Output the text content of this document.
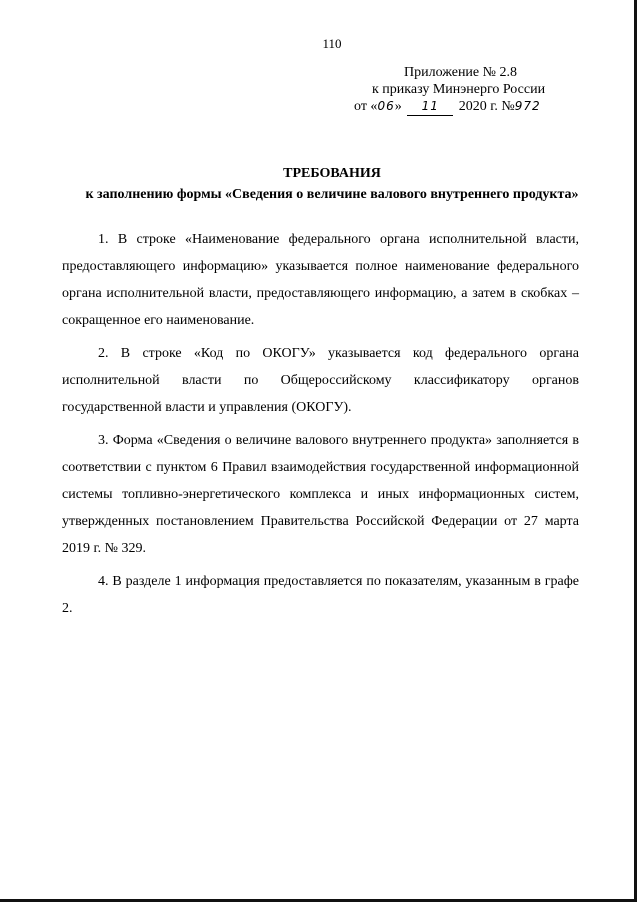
110
Приложение № 2.8
к приказу Минэнерго России
от «06» 11 2020 г. №972
ТРЕБОВАНИЯ
к заполнению формы «Сведения о величине валового внутреннего продукта»

1. В строке «Наименование федерального органа исполнительной власти, предоставляющего информацию» указывается полное наименование федерального органа исполнительной власти, предоставляющего информацию, а затем в скобках – сокращенное его наименование.

2. В строке «Код по ОКОГУ» указывается код федерального органа исполнительной власти по Общероссийскому классификатору органов государственной власти и управления (ОКОГУ).

3. Форма «Сведения о величине валового внутреннего продукта» заполняется в соответствии с пунктом 6 Правил взаимодействия государственной информационной системы топливно-энергетического комплекса и иных информационных систем, утвержденных постановлением Правительства Российской Федерации от 27 марта 2019 г. № 329.

4. В разделе 1 информация предоставляется по показателям, указанным в графе 2.
